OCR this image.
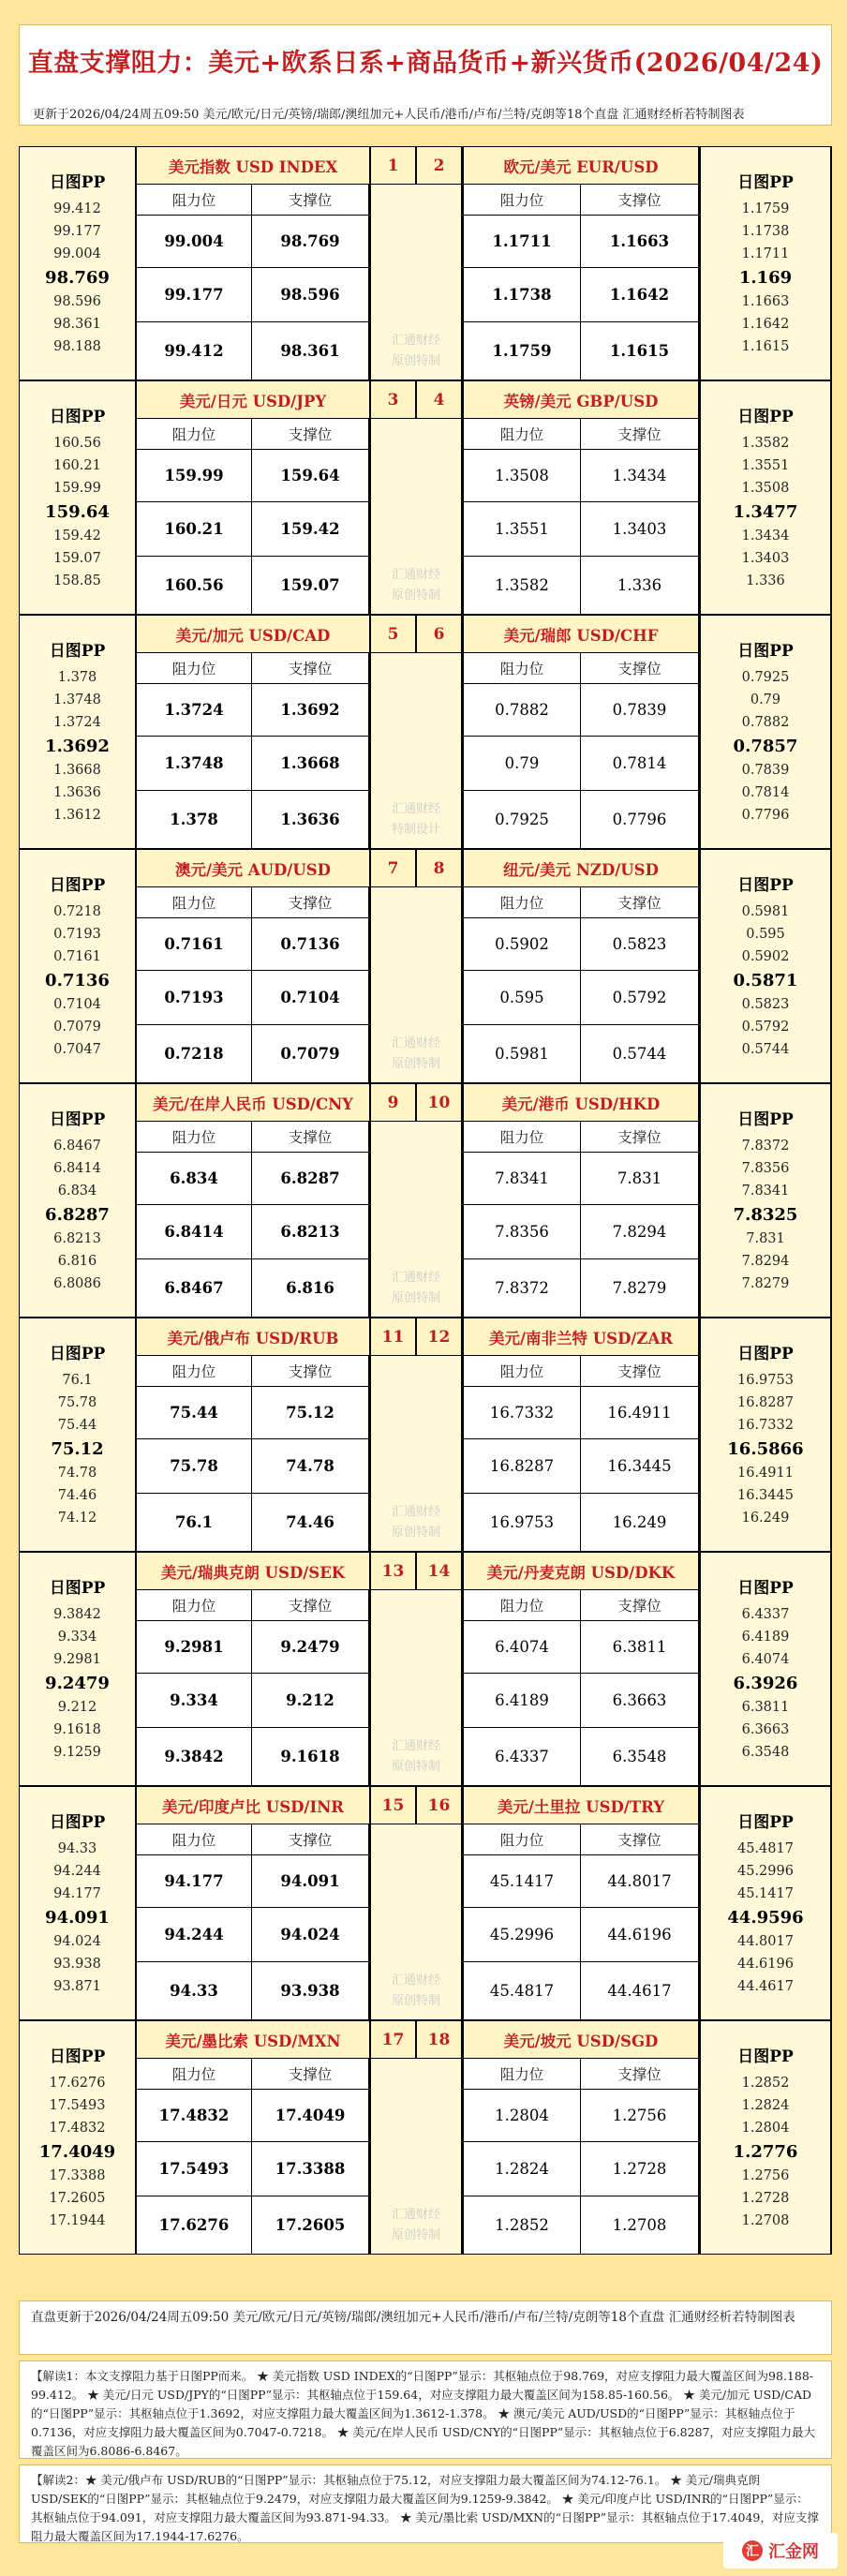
直盘支撑阻力：美元+欧系日系+商品货币+新兴货币(2026/04/24)
更新于2026/04/24周五09:50 美元/欧元/日元/英镑/瑞郎/澳纽加元+人民币/港币/卢布/兰特/克朗等18个直盘 汇通财经析若特制图表
日图PP
99.412
99.177
99.004
98.769
98.596
98.361
98.188
美元指数 USD INDEX
阻力位	支撑位
99.004	98.769
99.177	98.596
99.412	98.361
1	2
汇通财经
原创特制
欧元/美元 EUR/USD
阻力位	支撑位
1.1711	1.1663
1.1738	1.1642
1.1759	1.1615
日图PP
1.1759
1.1738
1.1711
1.169
1.1663
1.1642
1.1615
日图PP
160.56
160.21
159.99
159.64
159.42
159.07
158.85
美元/日元 USD/JPY
阻力位	支撑位
159.99	159.64
160.21	159.42
160.56	159.07
3	4
汇通财经
原创特制
英镑/美元 GBP/USD
阻力位	支撑位
1.3508	1.3434
1.3551	1.3403
1.3582	1.336
日图PP
1.3582
1.3551
1.3508
1.3477
1.3434
1.3403
1.336
日图PP
1.378
1.3748
1.3724
1.3692
1.3668
1.3636
1.3612
美元/加元 USD/CAD
阻力位	支撑位
1.3724	1.3692
1.3748	1.3668
1.378	1.3636
5	6
汇通财经
特制设计
美元/瑞郎 USD/CHF
阻力位	支撑位
0.7882	0.7839
0.79	0.7814
0.7925	0.7796
日图PP
0.7925
0.79
0.7882
0.7857
0.7839
0.7814
0.7796
日图PP
0.7218
0.7193
0.7161
0.7136
0.7104
0.7079
0.7047
澳元/美元 AUD/USD
阻力位	支撑位
0.7161	0.7136
0.7193	0.7104
0.7218	0.7079
7	8
汇通财经
原创特制
纽元/美元 NZD/USD
阻力位	支撑位
0.5902	0.5823
0.595	0.5792
0.5981	0.5744
日图PP
0.5981
0.595
0.5902
0.5871
0.5823
0.5792
0.5744
日图PP
6.8467
6.8414
6.834
6.8287
6.8213
6.816
6.8086
美元/在岸人民币 USD/CNY
阻力位	支撑位
6.834	6.8287
6.8414	6.8213
6.8467	6.816
9	10
汇通财经
原创特制
美元/港币 USD/HKD
阻力位	支撑位
7.8341	7.831
7.8356	7.8294
7.8372	7.8279
日图PP
7.8372
7.8356
7.8341
7.8325
7.831
7.8294
7.8279
日图PP
76.1
75.78
75.44
75.12
74.78
74.46
74.12
美元/俄卢布 USD/RUB
阻力位	支撑位
75.44	75.12
75.78	74.78
76.1	74.46
11	12
汇通财经
原创特制
美元/南非兰特 USD/ZAR
阻力位	支撑位
16.7332	16.4911
16.8287	16.3445
16.9753	16.249
日图PP
16.9753
16.8287
16.7332
16.5866
16.4911
16.3445
16.249
日图PP
9.3842
9.334
9.2981
9.2479
9.212
9.1618
9.1259
美元/瑞典克朗 USD/SEK
阻力位	支撑位
9.2981	9.2479
9.334	9.212
9.3842	9.1618
13	14
汇通财经
原创特制
美元/丹麦克朗 USD/DKK
阻力位	支撑位
6.4074	6.3811
6.4189	6.3663
6.4337	6.3548
日图PP
6.4337
6.4189
6.4074
6.3926
6.3811
6.3663
6.3548
日图PP
94.33
94.244
94.177
94.091
94.024
93.938
93.871
美元/印度卢比 USD/INR
阻力位	支撑位
94.177	94.091
94.244	94.024
94.33	93.938
15	16
汇通财经
原创特制
美元/土里拉 USD/TRY
阻力位	支撑位
45.1417	44.8017
45.2996	44.6196
45.4817	44.4617
日图PP
45.4817
45.2996
45.1417
44.9596
44.8017
44.6196
44.4617
日图PP
17.6276
17.5493
17.4832
17.4049
17.3388
17.2605
17.1944
美元/墨比索 USD/MXN
阻力位	支撑位
17.4832	17.4049
17.5493	17.3388
17.6276	17.2605
17	18
汇通财经
原创特制
美元/坡元 USD/SGD
阻力位	支撑位
1.2804	1.2756
1.2824	1.2728
1.2852	1.2708
日图PP
1.2852
1.2824
1.2804
1.2776
1.2756
1.2728
1.2708
直盘更新于2026/04/24周五09:50 美元/欧元/日元/英镑/瑞郎/澳纽加元+人民币/港币/卢布/兰特/克朗等18个直盘 汇通财经析若特制图表
【解读1：本文支撑阻力基于日图PP而来。 ★ 美元指数 USD INDEX的“日图PP”显示：其枢轴点位于98.769，对应支撑阻力最大覆盖区间为98.188-99.412。 ★ 美元/日元 USD/JPY的“日图PP”显示：其枢轴点位于159.64，对应支撑阻力最大覆盖区间为158.85-160.56。 ★ 美元/加元 USD/CAD的“日图PP”显示：其枢轴点位于1.3692，对应支撑阻力最大覆盖区间为1.3612-1.378。 ★ 澳元/美元 AUD/USD的“日图PP”显示：其枢轴点位于0.7136，对应支撑阻力最大覆盖区间为0.7047-0.7218。 ★ 美元/在岸人民币 USD/CNY的“日图PP”显示：其枢轴点位于6.8287，对应支撑阻力最大覆盖区间为6.8086-6.8467。
【解读2：★ 美元/俄卢布 USD/RUB的“日图PP”显示：其枢轴点位于75.12，对应支撑阻力最大覆盖区间为74.12-76.1。 ★ 美元/瑞典克朗 USD/SEK的“日图PP”显示：其枢轴点位于9.2479，对应支撑阻力最大覆盖区间为9.1259-9.3842。 ★ 美元/印度卢比 USD/INR的“日图PP”显示：其枢轴点位于94.091，对应支撑阻力最大覆盖区间为93.871-94.33。 ★ 美元/墨比索 USD/MXN的“日图PP”显示：其枢轴点位于17.4049，对应支撑阻力最大覆盖区间为17.1944-17.6276。
汇 汇金网
